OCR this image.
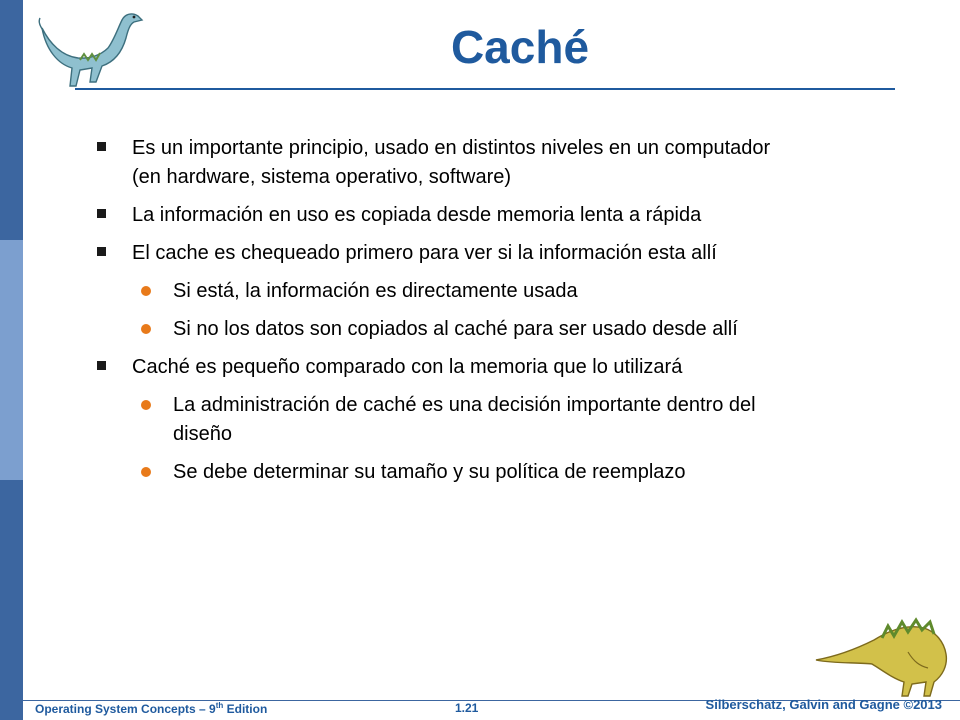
Caché
Es un importante principio, usado en distintos niveles en un computador (en hardware, sistema operativo, software)
La información en uso es copiada desde memoria lenta a rápida
El cache es chequeado primero para ver si la información esta allí
Si está, la información es directamente usada
Si no los datos son copiados al caché para ser usado desde allí
Caché es pequeño comparado con la memoria que lo utilizará
La administración de caché es una decisión importante dentro del diseño
Se debe determinar su tamaño y su política de reemplazo
Operating System Concepts – 9th Edition	1.21	Silberschatz, Galvin and Gagne ©2013
